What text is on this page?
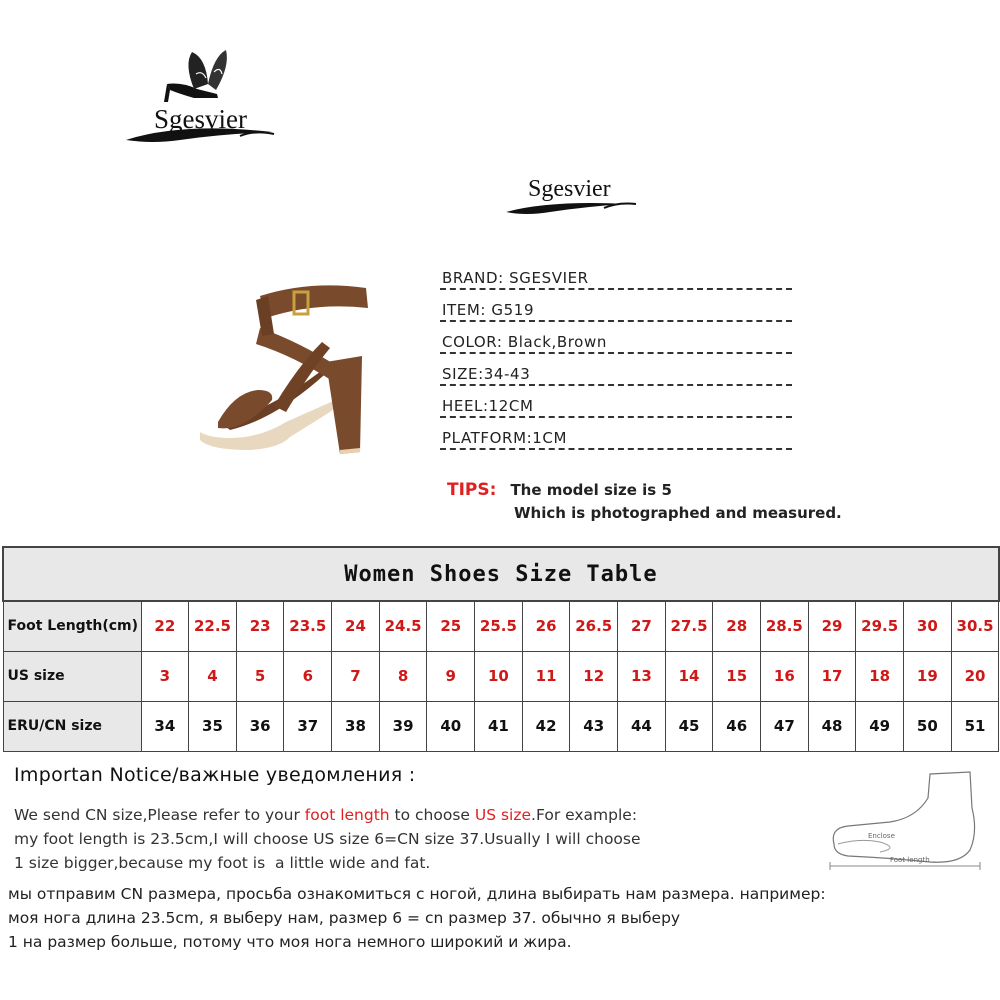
Sgesvier
Sgesvier
BRAND: SGESVIER
ITEM: G519
COLOR: Black,Brown
SIZE:34-43
HEEL:12CM
PLATFORM:1CM
TIPS: The model size is 5
Which is photographed and measured.
Women Shoes Size Table																		
Foot Length(cm)	22	22.5	23	23.5	24	24.5	25	25.5	26	26.5	27	27.5	28	28.5	29	29.5	30	30.5
US size	3	4	5	6	7	8	9	10	11	12	13	14	15	16	17	18	19	20
ERU/CN size	34	35	36	37	38	39	40	41	42	43	44	45	46	47	48	49	50	51
Importan Notice/важные уведомления :
We send CN size,Please refer to your foot length to choose US size.For example:
my foot length is 23.5cm,I will choose US size 6=CN size 37.Usually I will choose
1 size bigger,because my foot is  a little wide and fat.
мы отправим CN размера, просьба ознакомиться с ногой, длина выбирать нам размера. например:
моя нога длина 23.5cm, я выберу нам, размер 6 = cn размер 37. обычно я выберу
1 на размер больше, потому что моя нога немного широкий и жира.
Enclose
Foot length
